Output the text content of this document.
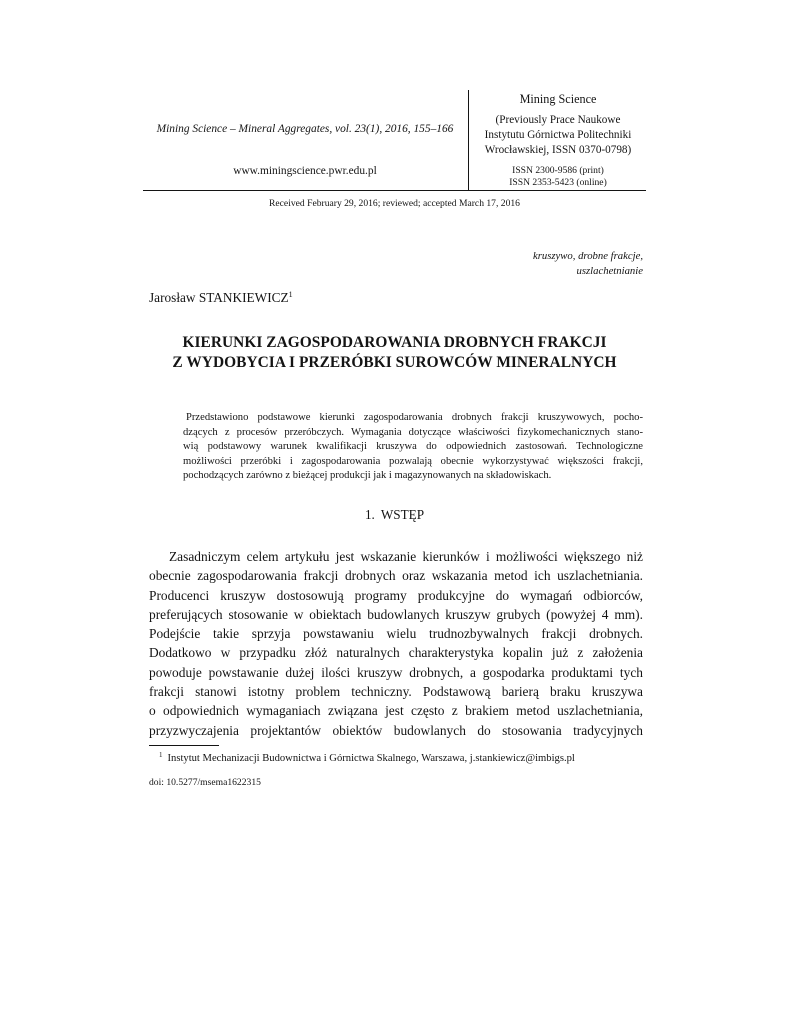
Mining Science – Mineral Aggregates, vol. 23(1), 2016, 155–166
www.miningscience.pwr.edu.pl
Mining Science
(Previously Prace Naukowe
Instytutu Górnictwa Politechniki
Wrocławskiej, ISSN 0370-0798)
ISSN 2300-9586 (print)
ISSN 2353-5423 (online)
Received February 29, 2016; reviewed; accepted March 17, 2016
kruszywo, drobne frakcje,
uszlachetnianie
Jarosław STANKIEWICZ$^1$
KIERUNKI ZAGOSPODAROWANIA DROBNYCH FRAKCJI
Z WYDOBYCIA I PRZERÓBKI SUROWCÓW MINERALNYCH
Przedstawiono podstawowe kierunki zagospodarowania drobnych frakcji kruszywowych, pocho-
dzących z procesów przeróbczych. Wymagania dotyczące właściwości fizykomechanicznych stano-
wią podstawowy warunek kwalifikacji kruszywa do odpowiednich zastosowań. Technologiczne
możliwości przeróbki i zagospodarowania pozwalają obecnie wykorzystywać większości frakcji,
pochodzących zarówno z bieżącej produkcji jak i magazynowanych na składowiskach.
1. WSTĘP
Zasadniczym celem artykułu jest wskazanie kierunków i możliwości większego niż
obecnie zagospodarowania frakcji drobnych oraz wskazania metod ich uszlachetniania.
Producenci kruszyw dostosowują programy produkcyjne do wymagań odbiorców,
preferujących stosowanie w obiektach budowlanych kruszyw grubych (powyżej 4 mm).
Podejście takie sprzyja powstawaniu wielu trudnozbywalnych frakcji drobnych.
Dodatkowo w przypadku złóż naturalnych charakterystyka kopalin już z założenia
powoduje powstawanie dużej ilości kruszyw drobnych, a gospodarka produktami tych
frakcji stanowi istotny problem techniczny. Podstawową barierą braku kruszywa
o odpowiednich wymaganiach związana jest często z brakiem metod uszlachetniania,
przyzwyczajenia projektantów obiektów budowlanych do stosowania tradycyjnych
$^1$ Instytut Mechanizacji Budownictwa i Górnictwa Skalnego, Warszawa, j.stankiewicz@imbigs.pl
doi: 10.5277/msema1622315
